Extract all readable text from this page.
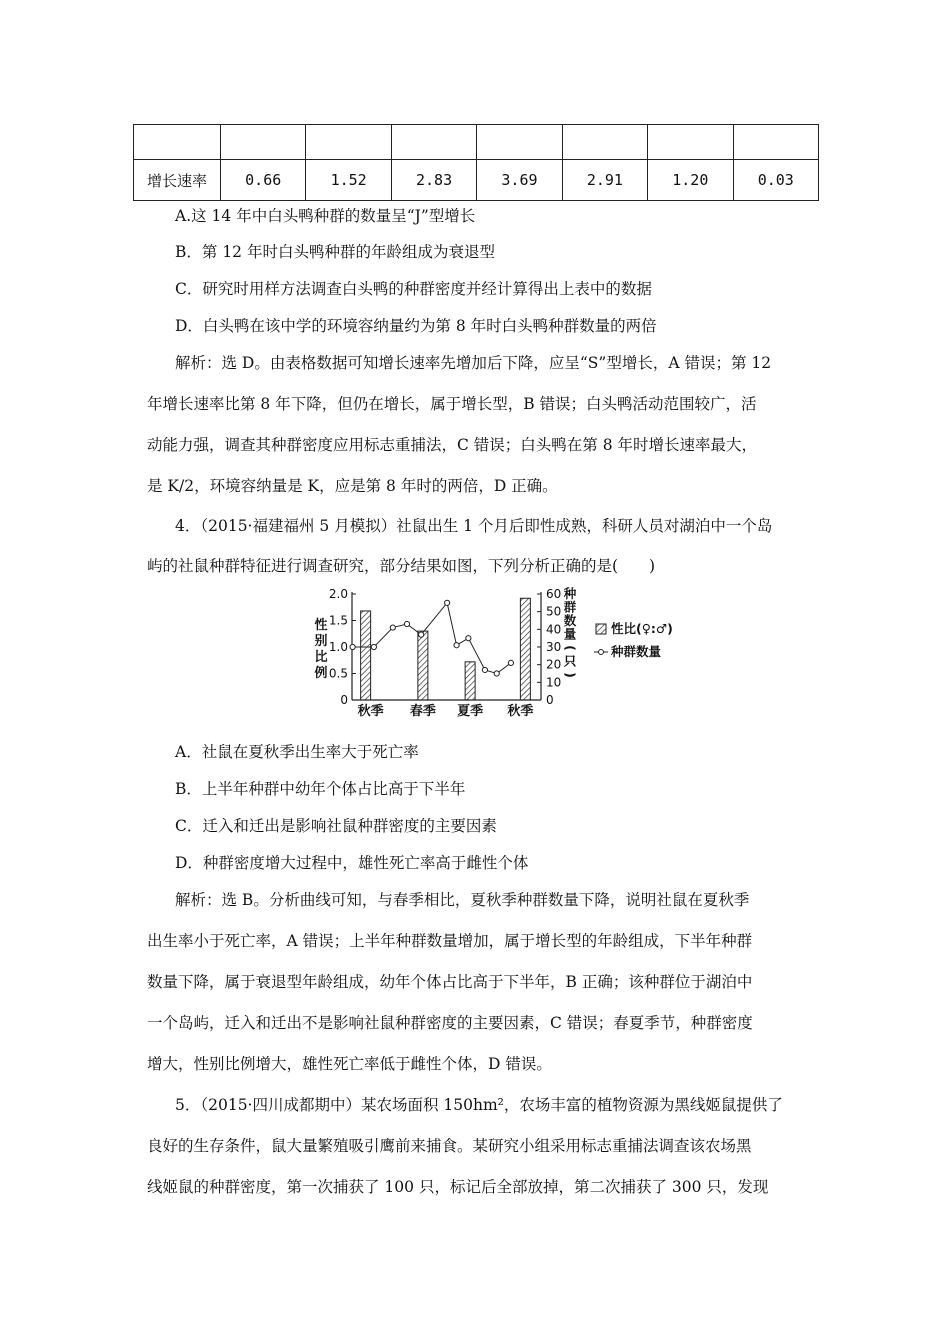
增长速率	0.66	1.52	2.83	3.69	2.91	1.20	0.03
A.这 14 年中白头鸭种群的数量呈“J”型增长
B．第 12 年时白头鸭种群的年龄组成为衰退型
C．研究时用样方法调查白头鸭的种群密度并经计算得出上表中的数据
D．白头鸭在该中学的环境容纳量约为第 8 年时白头鸭种群数量的两倍
解析：选 D。由表格数据可知增长速率先增加后下降，应呈“S”型增长，A 错误；第 12
年增长速率比第 8 年下降，但仍在增长，属于增长型，B 错误；白头鸭活动范围较广，活
动能力强，调查其种群密度应用标志重捕法，C 错误；白头鸭在第 8 年时增长速率最大，
是 K/2，环境容纳量是 K，应是第 8 年时的两倍，D 正确。
4．（2015·福建福州 5 月模拟）社鼠出生 1 个月后即性成熟，科研人员对湖泊中一个岛
屿的社鼠种群特征进行调查研究，部分结果如图，下列分析正确的是(　　)
0
0.5
1.0
1.5
2.0
0
10
20
30
40
50
60
性
别
比
例
种
群
数
量
(
只
)
秋季 春季 夏季 秋季
性比(♀:♂)
种群数量
A．社鼠在夏秋季出生率大于死亡率
B．上半年种群中幼年个体占比高于下半年
C．迁入和迁出是影响社鼠种群密度的主要因素
D．种群密度增大过程中，雄性死亡率高于雌性个体
解析：选 B。分析曲线可知，与春季相比，夏秋季种群数量下降，说明社鼠在夏秋季
出生率小于死亡率，A 错误；上半年种群数量增加，属于增长型的年龄组成，下半年种群
数量下降，属于衰退型年龄组成，幼年个体占比高于下半年，B 正确；该种群位于湖泊中
一个岛屿，迁入和迁出不是影响社鼠种群密度的主要因素，C 错误；春夏季节，种群密度
增大，性别比例增大，雄性死亡率低于雌性个体，D 错误。
5．（2015·四川成都期中）某农场面积 150hm²，农场丰富的植物资源为黑线姬鼠提供了
良好的生存条件，鼠大量繁殖吸引鹰前来捕食。某研究小组采用标志重捕法调查该农场黑
线姬鼠的种群密度，第一次捕获了 100 只，标记后全部放掉，第二次捕获了 300 只，发现
